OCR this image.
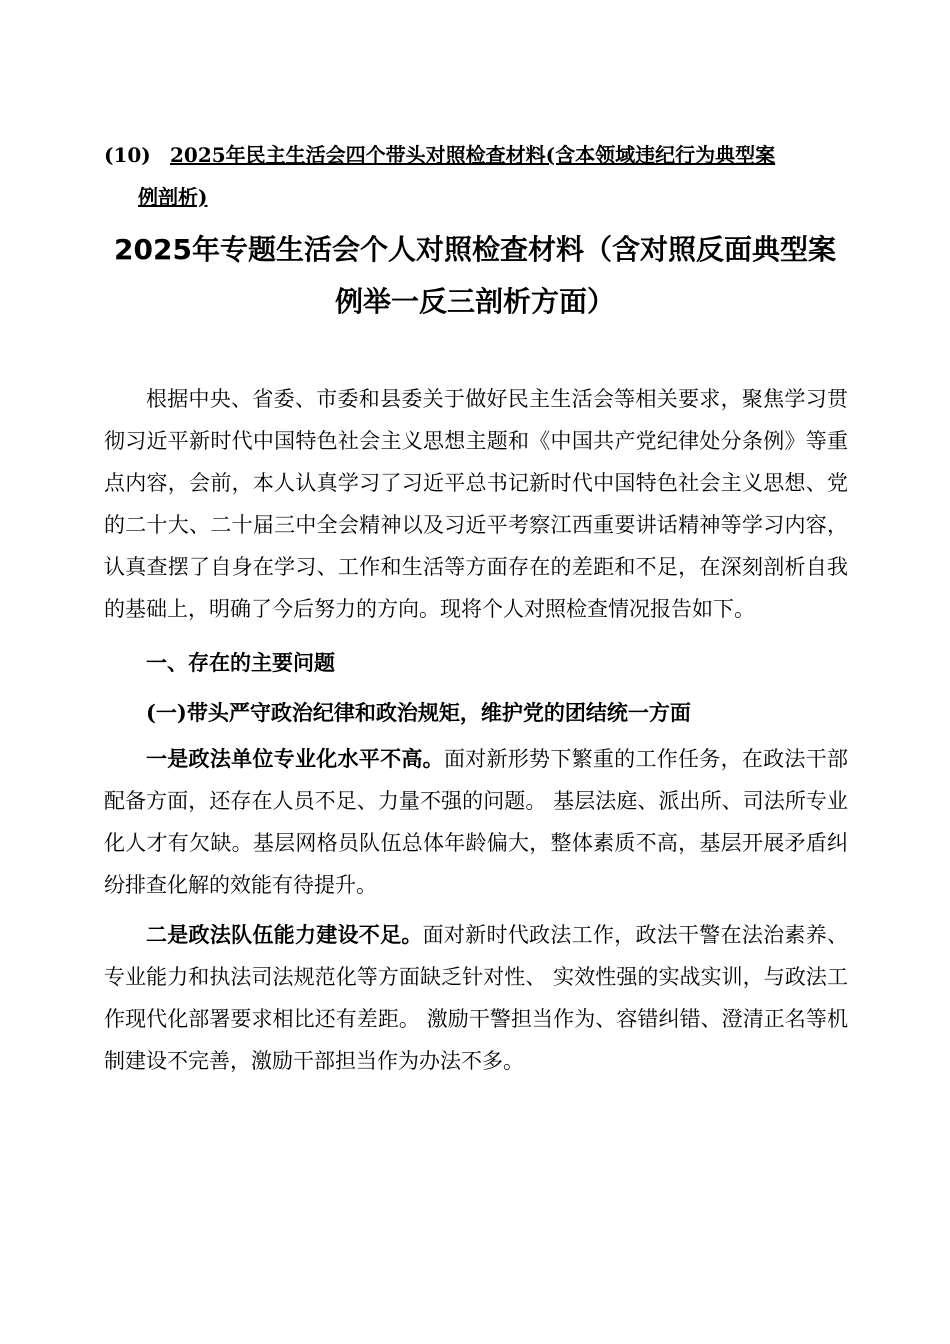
(10) 2025年民主生活会四个带头对照检查材料(含本领域违纪行为典型案
例剖析)
2025年专题生活会个人对照检查材料（含对照反面典型案
例举一反三剖析方面）

根据中央、省委、市委和县委关于做好民主生活会等相关要求，聚焦学习贯彻习近平新时代中国特色社会主义思想主题和《中国共产党纪律处分条例》等重点内容，会前，本人认真学习了习近平总书记新时代中国特色社会主义思想、党的二十大、二十届三中全会精神以及习近平考察江西重要讲话精神等学习内容，认真查摆了自身在学习、工作和生活等方面存在的差距和不足，在深刻剖析自我的基础上，明确了今后努力的方向。现将个人对照检查情况报告如下。

一、存在的主要问题

(一)带头严守政治纪律和政治规矩，维护党的团结统一方面

一是政法单位专业化水平不高。面对新形势下繁重的工作任务，在政法干部配备方面，还存在人员不足、力量不强的问题。 基层法庭、派出所、司法所专业化人才有欠缺。基层网格员队伍总体年龄偏大，整体素质不高，基层开展矛盾纠纷排查化解的效能有待提升。

二是政法队伍能力建设不足。面对新时代政法工作，政法干警在法治素养、专业能力和执法司法规范化等方面缺乏针对性、 实效性强的实战实训，与政法工作现代化部署要求相比还有差距。 激励干警担当作为、容错纠错、澄清正名等机制建设不完善，激励干部担当作为办法不多。
